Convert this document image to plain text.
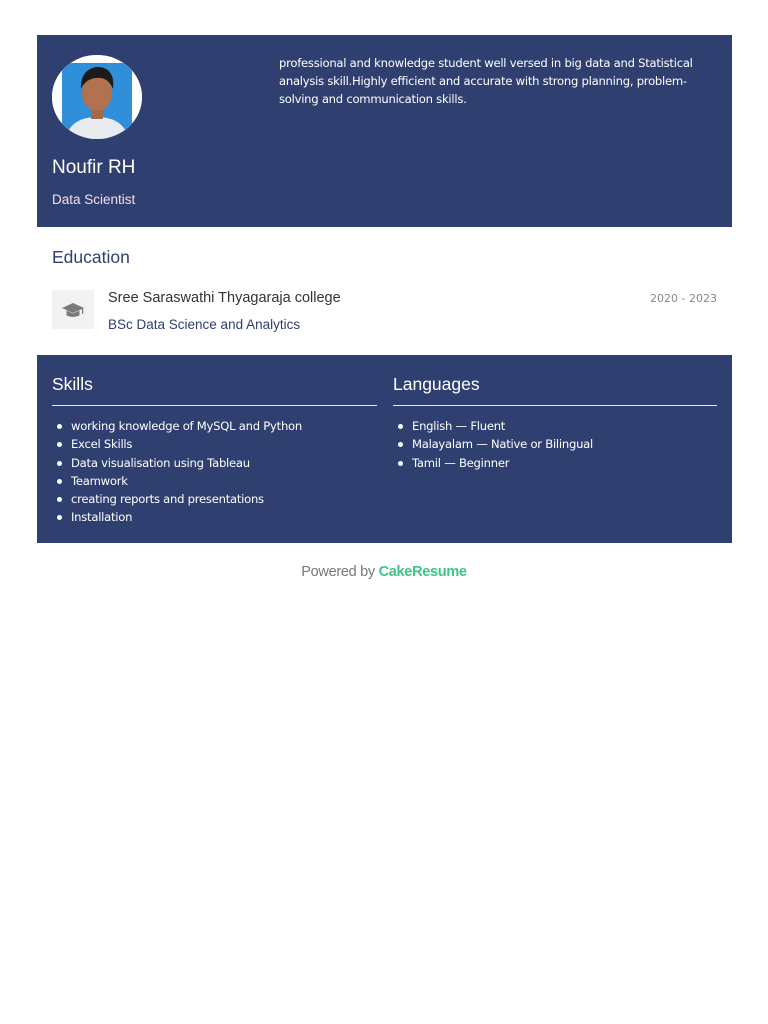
Noufir RH
Data Scientist
professional and knowledge student well versed in big data and Statistical analysis skill.Highly efficient and accurate with strong planning, problem-solving and communication skills.
Education
Sree Saraswathi Thyagaraja college
BSc Data Science and Analytics
2020 - 2023
Skills
working knowledge of MySQL and Python
Excel Skills
Data visualisation using Tableau
Teamwork
creating reports and presentations
Installation
Languages
English — Fluent
Malayalam — Native or Bilingual
Tamil — Beginner
Powered by CakeResume
